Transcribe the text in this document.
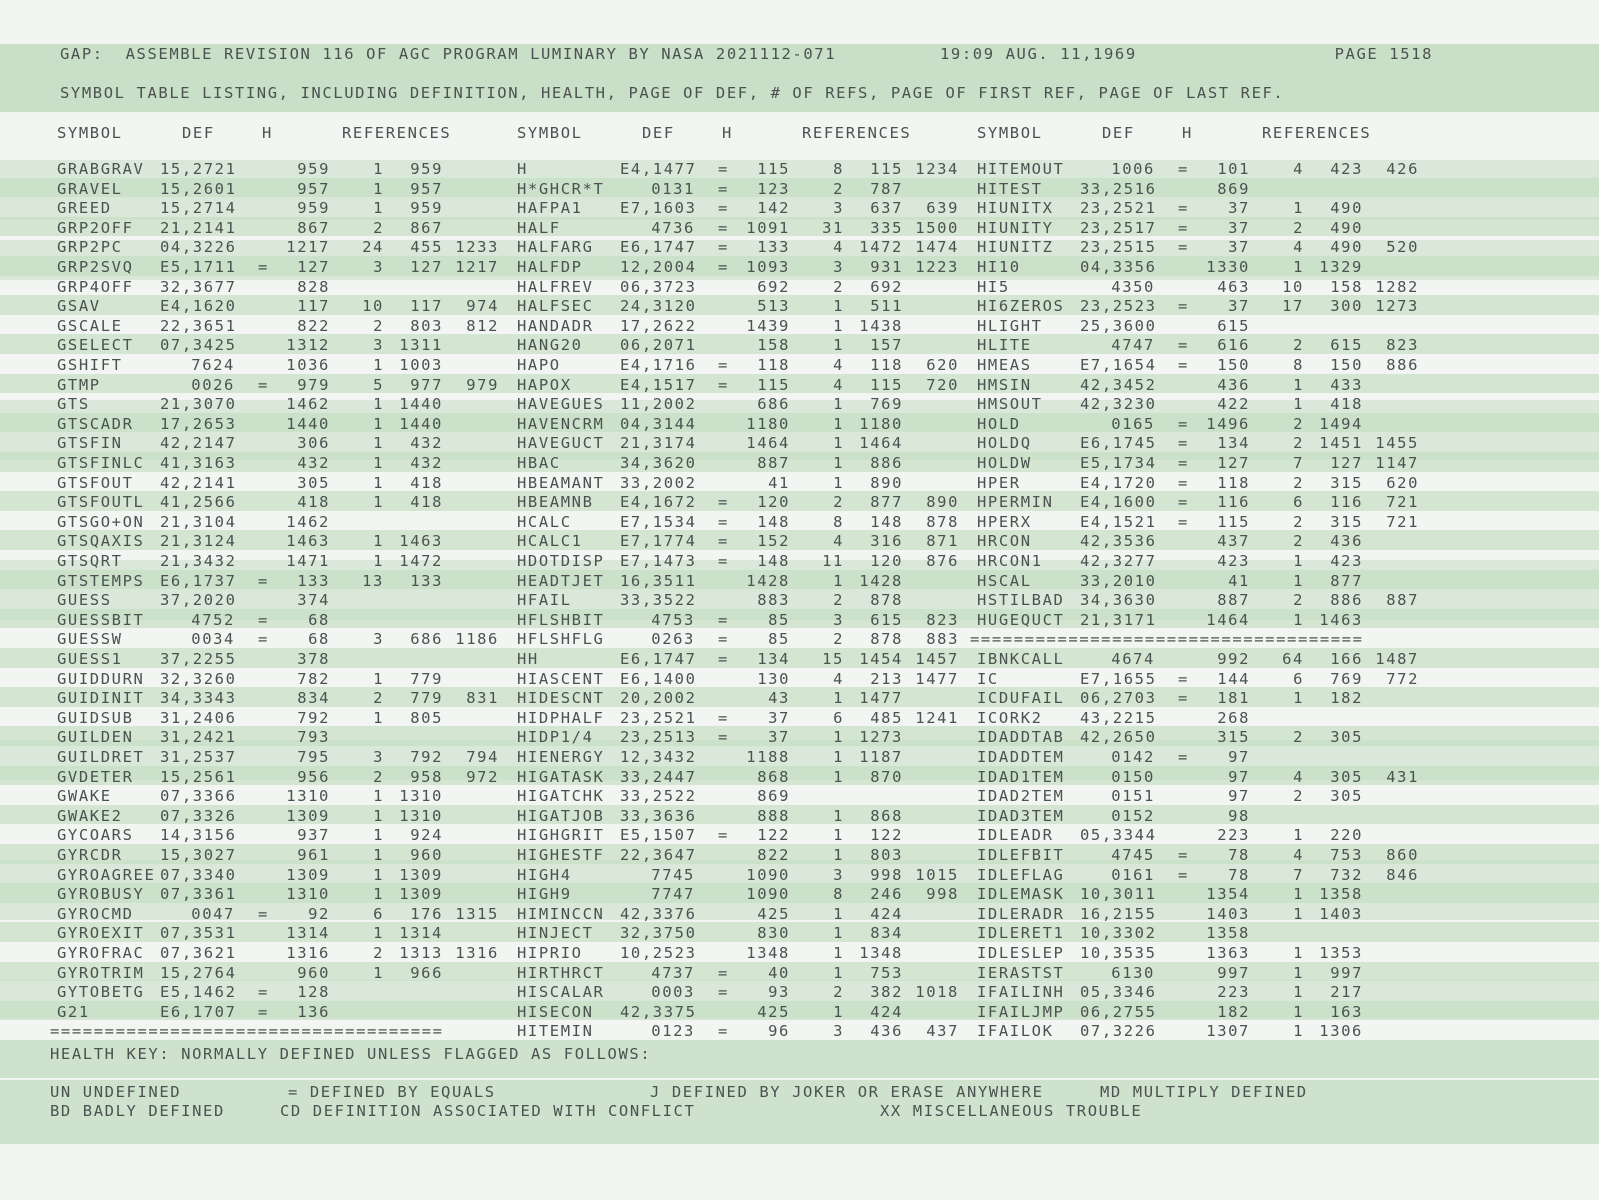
GAP:  ASSEMBLE REVISION 116 OF AGC PROGRAM LUMINARY BY NASA 2021112-071	19:09 AUG. 11,1969	PAGE 1518
SYMBOL TABLE LISTING, INCLUDING DEFINITION, HEALTH, PAGE OF DEF, # OF REFS, PAGE OF FIRST REF, PAGE OF LAST REF.
SYMBOL	DEF	H	REFERENCES	SYMBOL	DEF	H	REFERENCES	SYMBOL	DEF	H	REFERENCES
GRABGRAV	15,2721	959	1	959
GRAVEL	15,2601	957	1	957
GREED	15,2714	959	1	959
GRP2OFF	21,2141	867	2	867
GRP2PC	04,3226	1217	24	455 1233
GRP2SVQ	E5,1711 =	127	3	127 1217
GRP4OFF	32,3677	828
GSAV	E4,1620	117	10	117	974
GSCALE	22,3651	822	2	803	812
GSELECT	07,3425	1312	3 1311
GSHIFT	7624	1036	1 1003
GTMP	0026 =	979	5	977	979
GTS	21,3070	1462	1 1440
GTSCADR	17,2653	1440	1 1440
GTSFIN	42,2147	306	1	432
GTSFINLC	41,3163	432	1	432
GTSFOUT	42,2141	305	1	418
GTSFOUTL	41,2566	418	1	418
GTSGO+ON	21,3104	1462
GTSQAXIS	21,3124	1463	1 1463
GTSQRT	21,3432	1471	1 1472
GTSTEMPS	E6,1737 =	133	13	133
GUESS	37,2020	374
GUESSBIT	4752 =	68
GUESSW	0034 =	68	3	686 1186
GUESS1	37,2255	378
GUIDDURN	32,3260	782	1	779
GUIDINIT	34,3343	834	2	779	831
GUIDSUB	31,2406	792	1	805
GUILDEN	31,2421	793
GUILDRET	31,2537	795	3	792	794
GVDETER	15,2561	956	2	958	972
GWAKE	07,3366	1310	1 1310
GWAKE2	07,3326	1309	1 1310
GYCOARS	14,3156	937	1	924
GYRCDR	15,3027	961	1	960
GYROAGREE 07,3340	1309	1 1309
GYROBUSY	07,3361	1310	1 1309
GYROCMD	0047 =	92	6	176 1315
GYROEXIT	07,3531	1314	1 1314
GYROFRAC	07,3621	1316	2 1313 1316
GYROTRIM	15,2764	960	1	966
GYTOBETG	E5,1462 =	128
G21	E6,1707 =	136
====================================
H	E4,1477 =	115	8	115 1234
H*GHCR*T	0131 =	123	2	787
HAFPA1	E7,1603 =	142	3	637	639
HALF	4736 =	1091	31	335 1500
HALFARG	E6,1747 =	133	4 1472 1474
HALFDP	12,2004 =	1093	3	931 1223
HALFREV	06,3723	692	2	692
HALFSEC	24,3120	513	1	511
HANDADR	17,2622	1439	1 1438
HANG20	06,2071	158	1	157
HAPO	E4,1716 =	118	4	118	620
HAPOX	E4,1517 =	115	4	115	720
HAVEGUES	11,2002	686	1	769
HAVENCRM	04,3144	1180	1 1180
HAVEGUCT	21,3174	1464	1 1464
HBAC	34,3620	887	1	886
HBEAMANT	33,2002	41	1	890
HBEAMNB	E4,1672 =	120	2	877	890
HCALC	E7,1534 =	148	8	148	878
HCALC1	E7,1774 =	152	4	316	871
HDOTDISP	E7,1473 =	148	11	120	876
HEADTJET	16,3511	1428	1 1428
HFAIL	33,3522	883	2	878
HFLSHBIT	4753 =	85	3	615	823
HFLSHFLG	0263 =	85	2	878	883
HH	E6,1747 =	134	15 1454 1457
HIASCENT	E6,1400	130	4	213 1477
HIDESCNT	20,2002	43	1 1477
HIDPHALF	23,2521 =	37	6	485 1241
HIDP1/4	23,2513 =	37	1 1273
HIENERGY	12,3432	1188	1 1187
HIGATASK	33,2447	868	1	870
HIGATCHK	33,2522	869
HIGATJOB	33,3636	888	1	868
HIGHGRIT	E5,1507 =	122	1	122
HIGHESTF	22,3647	822	1	803
HIGH4	7745	1090	3	998 1015
HIGH9	7747	1090	8	246	998
HIMINCCN	42,3376	425	1	424
HINJECT	32,3750	830	1	834
HIPRIO	10,2523	1348	1 1348
HIRTHRCT	4737 =	40	1	753
HISCALAR	0003 =	93	2	382 1018
HISECON	42,3375	425	1	424
HITEMIN	0123 =	96	3	436	437
HITEMOUT	1006 =	101	4	423	426
HITEST	33,2516	869
HIUNITX	23,2521 =	37	1	490
HIUNITY	23,2517 =	37	2	490
HIUNITZ	23,2515 =	37	4	490	520
HI10	04,3356	1330	1 1329
HI5	4350	463	10	158 1282
HI6ZEROS	23,2523 =	37	17	300 1273
HLIGHT	25,3600	615
HLITE	4747 =	616	2	615	823
HMEAS	E7,1654 =	150	8	150	886
HMSIN	42,3452	436	1	433
HMSOUT	42,3230	422	1	418
HOLD	0165 =	1496	2 1494
HOLDQ	E6,1745 =	134	2 1451 1455
HOLDW	E5,1734 =	127	7	127 1147
HPER	E4,1720 =	118	2	315	620
HPERMIN	E4,1600 =	116	6	116	721
HPERX	E4,1521 =	115	2	315	721
HRCON	42,3536	437	2	436
HRCON1	42,3277	423	1	423
HSCAL	33,2010	41	1	877
HSTILBAD	34,3630	887	2	886	887
HUGEQUCT	21,3171	1464	1 1463
====================================
IBNKCALL	4674	992	64	166 1487
IC	E7,1655 =	144	6	769	772
ICDUFAIL	06,2703 =	181	1	182
ICORK2	43,2215	268
IDADDTAB	42,2650	315	2	305
IDADDTEM	0142 =	97
IDAD1TEM	0150	97	4	305	431
IDAD2TEM	0151	97	2	305
IDAD3TEM	0152	98
IDLEADR	05,3344	223	1	220
IDLEFBIT	4745 =	78	4	753	860
IDLEFLAG	0161 =	78	7	732	846
IDLEMASK	10,3011	1354	1 1358
IDLERADR	16,2155	1403	1 1403
IDLERET1	10,3302	1358
IDLESLEP	10,3535	1363	1 1353
IERASTST	6130	997	1	997
IFAILINH	05,3346	223	1	217
IFAILJMP	06,2755	182	1	163
IFAILOK	07,3226	1307	1 1306
HEALTH KEY: NORMALLY DEFINED UNLESS FLAGGED AS FOLLOWS:
UN UNDEFINED	= DEFINED BY EQUALS	J DEFINED BY JOKER OR ERASE ANYWHERE	MD MULTIPLY DEFINED
BD BADLY DEFINED	CD DEFINITION ASSOCIATED WITH CONFLICT	XX MISCELLANEOUS TROUBLE
